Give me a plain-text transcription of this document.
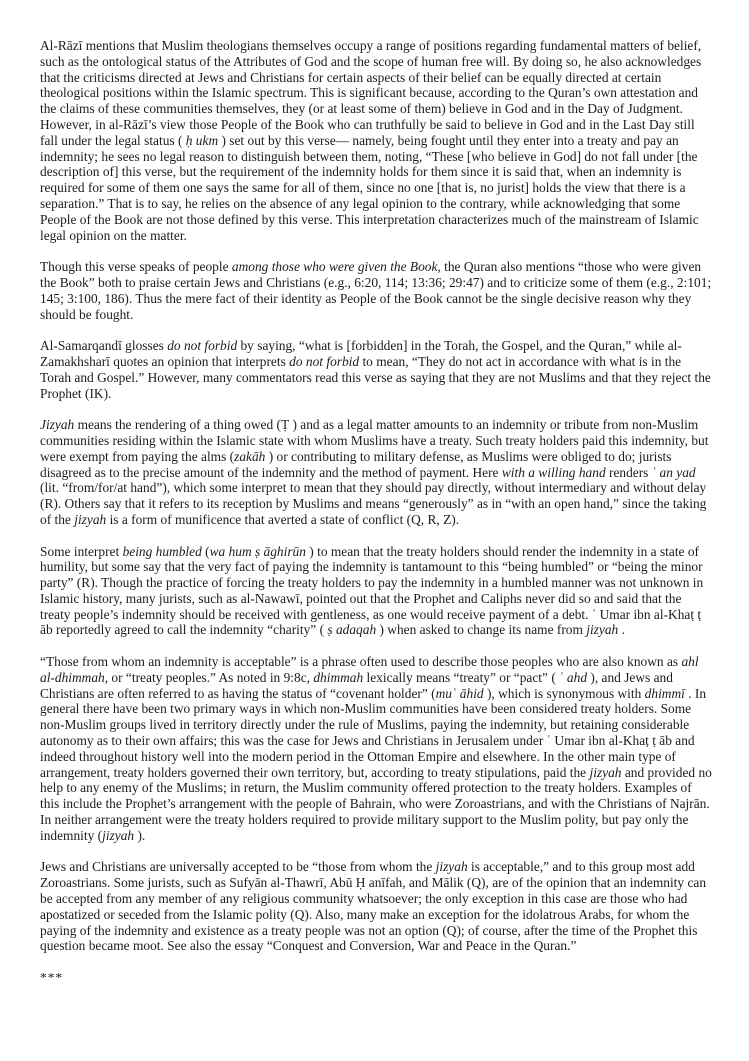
Al-Rāzī mentions that Muslim theologians themselves occupy a range of positions regarding fundamental matters of belief, such as the ontological status of the Attributes of God and the scope of human free will. By doing so, he also acknowledges that the criticisms directed at Jews and Christians for certain aspects of their belief can be equally directed at certain theological positions within the Islamic spectrum. This is significant because, according to the Quran’s own attestation and the claims of these communities themselves, they (or at least some of them) believe in God and in the Day of Judgment. However, in al-Rāzī’s view those People of the Book who can truthfully be said to believe in God and in the Last Day still fall under the legal status ( ḥ ukm ) set out by this verse— namely, being fought until they enter into a treaty and pay an indemnity; he sees no legal reason to distinguish between them, noting, “These [who believe in God] do not fall under [the description of] this verse, but the requirement of the indemnity holds for them since it is said that, when an indemnity is required for some of them one says the same for all of them, since no one [that is, no jurist] holds the view that there is a separation.” That is to say, he relies on the absence of any legal opinion to the contrary, while acknowledging that some People of the Book are not those defined by this verse. This interpretation characterizes much of the mainstream of Islamic legal opinion on the matter.

Though this verse speaks of people among those who were given the Book, the Quran also mentions “those who were given the Book” both to praise certain Jews and Christians (e.g., 6:20, 114; 13:36; 29:47) and to criticize some of them (e.g., 2:101; 145; 3:100, 186). Thus the mere fact of their identity as People of the Book cannot be the single decisive reason why they should be fought.

Al-Samarqandī glosses do not forbid by saying, “what is [forbidden] in the Torah, the Gospel, and the Quran,” while al-Zamakhsharī quotes an opinion that interprets do not forbid to mean, “They do not act in accordance with what is in the Torah and Gospel.” However, many commentators read this verse as saying that they are not Muslims and that they reject the Prophet (IK).

Jizyah means the rendering of a thing owed (Ṭ ) and as a legal matter amounts to an indemnity or tribute from non-Muslim communities residing within the Islamic state with whom Muslims have a treaty. Such treaty holders paid this indemnity, but were exempt from paying the alms (zakāh ) or contributing to military defense, as Muslims were obliged to do; jurists disagreed as to the precise amount of the indemnity and the method of payment. Here with a willing hand renders ʿ an yad (lit. “from/for/at hand”), which some interpret to mean that they should pay directly, without intermediary and without delay (R). Others say that it refers to its reception by Muslims and means “generously” as in “with an open hand,” since the taking of the jizyah is a form of munificence that averted a state of conflict (Q, R, Z).

Some interpret being humbled (wa hum ṣ āghirūn ) to mean that the treaty holders should render the indemnity in a state of humility, but some say that the very fact of paying the indemnity is tantamount to this “being humbled” or “being the minor party” (R). Though the practice of forcing the treaty holders to pay the indemnity in a humbled manner was not unknown in Islamic history, many jurists, such as al-Nawawī, pointed out that the Prophet and Caliphs never did so and said that the treaty people’s indemnity should be received with gentleness, as one would receive payment of a debt. ʿ Umar ibn al-Khaṭ ṭ āb reportedly agreed to call the indemnity “charity” ( ṣ adaqah ) when asked to change its name from jizyah .

“Those from whom an indemnity is acceptable” is a phrase often used to describe those peoples who are also known as ahl al-dhimmah, or “treaty peoples.” As noted in 9:8c, dhimmah lexically means “treaty” or “pact” ( ʿ ahd ), and Jews and Christians are often referred to as having the status of “covenant holder” (muʿ āhid ), which is synonymous with dhimmī . In general there have been two primary ways in which non-Muslim communities have been considered treaty holders. Some non-Muslim groups lived in territory directly under the rule of Muslims, paying the indemnity, but retaining considerable autonomy as to their own affairs; this was the case for Jews and Christians in Jerusalem under ʿ Umar ibn al-Khaṭ ṭ āb and indeed throughout history well into the modern period in the Ottoman Empire and elsewhere. In the other main type of arrangement, treaty holders governed their own territory, but, according to treaty stipulations, paid the jizyah and provided no help to any enemy of the Muslims; in return, the Muslim community offered protection to the treaty holders. Examples of this include the Prophet’s arrangement with the people of Bahrain, who were Zoroastrians, and with the Christians of Najrān. In neither arrangement were the treaty holders required to provide military support to the Muslim polity, but pay only the indemnity (jizyah ).

Jews and Christians are universally accepted to be “those from whom the jizyah is acceptable,” and to this group most add Zoroastrians. Some jurists, such as Sufyān al-Thawrī, Abū Ḥ anīfah, and Mālik (Q), are of the opinion that an indemnity can be accepted from any member of any religious community whatsoever; the only exception in this case are those who had apostatized or seceded from the Islamic polity (Q). Also, many make an exception for the idolatrous Arabs, for whom the paying of the indemnity and existence as a treaty people was not an option (Q); of course, after the time of the Prophet this question became moot. See also the essay “Conquest and Conversion, War and Peace in the Quran.”

***
